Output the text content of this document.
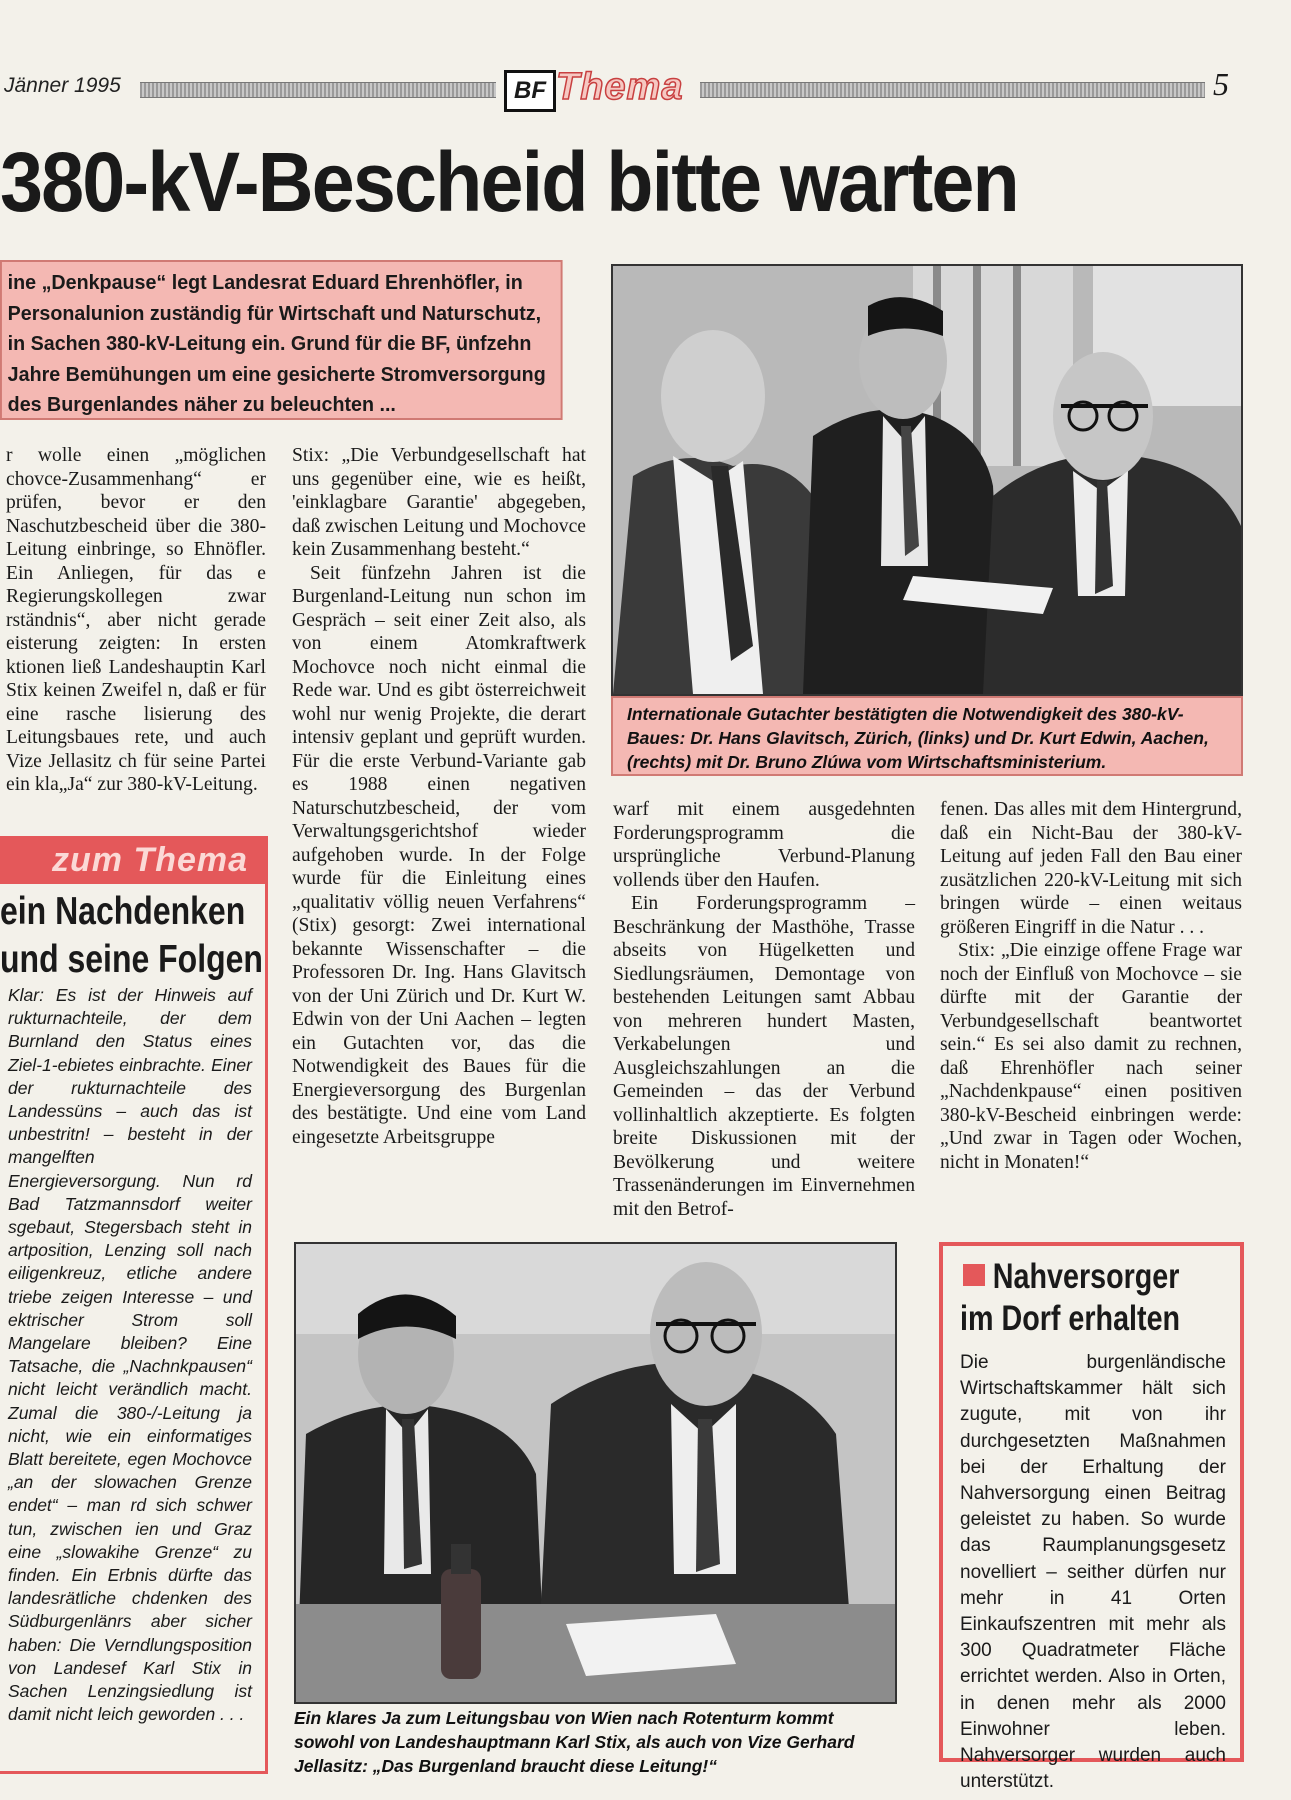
Jänner 1995	BF Thema	5
380-kV-Bescheid bitte warten
ine „Denkpause“ legt Landesrat Eduard Ehrenhöfler, in Personalunion zuständig für Wirtschaft und Naturschutz, in Sachen 380-kV-Leitung ein. Grund für die BF, ünfzehn Jahre Bemühungen um eine gesicherte Stromversorgung des Burgenlandes näher zu beleuchten ...
Internationale Gutachter bestätigten die Notwendigkeit des 380-kV-Baues: Dr. Hans Glavitsch, Zürich, (links) und Dr. Kurt Edwin, Aachen, (rechts) mit Dr. Bruno Zlúwa vom Wirtschaftsministerium.

r wolle einen „möglichen chovce-Zusammenhang“ er prüfen, bevor er den Naschutzbescheid über die 380-Leitung einbringe, so Ehnöfler. Ein Anliegen, für das e Regierungskollegen zwar rständnis“, aber nicht gerade eisterung zeigten: In ersten ktionen ließ Landeshauptin Karl Stix keinen Zweifel n, daß er für eine rasche lisierung des Leitungsbaues rete, und auch Vize Jellasitz ch für seine Partei ein kla„Ja“ zur 380-kV-Leitung.

Stix: „Die Verbundgesellschaft hat uns gegenüber eine, wie es heißt, 'einklagbare Garantie' abgegeben, daß zwischen Leitung und Mochovce kein Zusammenhang besteht.“

Seit fünfzehn Jahren ist die Burgenland-Leitung nun schon im Gespräch – seit einer Zeit also, als von einem Atomkraftwerk Mochovce noch nicht einmal die Rede war. Und es gibt österreichweit wohl nur wenig Projekte, die derart intensiv geplant und geprüft wurden. Für die erste Verbund-Variante gab es 1988 einen negativen Naturschutzbescheid, der vom Verwaltungsgerichtshof wieder aufgehoben wurde. In der Folge wurde für die Einleitung eines „qualitativ völlig neuen Verfahrens“ (Stix) gesorgt: Zwei international bekannte Wissenschafter – die Professoren Dr. Ing. Hans Glavitsch von der Uni Zürich und Dr. Kurt W. Edwin von der Uni Aachen – legten ein Gutachten vor, das die Notwendigkeit des Baues für die Energieversorgung des Burgenlan des bestätigte. Und eine vom Land eingesetzte Arbeitsgruppe

warf mit einem ausgedehnten Forderungsprogramm die ursprüngliche Verbund-Planung vollends über den Haufen.

Ein Forderungsprogramm – Beschränkung der Masthöhe, Trasse abseits von Hügelketten und Siedlungsräumen, Demontage von bestehenden Leitungen samt Abbau von mehreren hundert Masten, Verkabelungen und Ausgleichszahlungen an die Gemeinden – das der Verbund vollinhaltlich akzeptierte. Es folgten breite Diskussionen mit der Bevölkerung und weitere Trassenänderungen im Einvernehmen mit den Betrof-

fenen. Das alles mit dem Hintergrund, daß ein Nicht-Bau der 380-kV-Leitung auf jeden Fall den Bau einer zusätzlichen 220-kV-Leitung mit sich bringen würde – einen weitaus größeren Eingriff in die Natur . . .

Stix: „Die einzige offene Frage war noch der Einfluß von Mochovce – sie dürfte mit der Garantie der Verbundgesellschaft beantwortet sein.“ Es sei also damit zu rechnen, daß Ehrenhöfler nach seiner „Nachdenkpause“ einen positiven 380-kV-Bescheid einbringen werde: „Und zwar in Tagen oder Wochen, nicht in Monaten!“

zum Thema
ein Nachdenken
und seine Folgen
Klar: Es ist der Hinweis auf rukturnachteile, der dem Burnland den Status eines Ziel-1-ebietes einbrachte. Einer der rukturnachteile des Landessüns – auch das ist unbestritn! – besteht in der mangelften Energieversorgung. Nun rd Bad Tatzmannsdorf weiter sgebaut, Stegersbach steht in artposition, Lenzing soll nach eiligenkreuz, etliche andere triebe zeigen Interesse – und ektrischer Strom soll Mangelare bleiben? Eine Tatsache, die „Nachnkpausen“ nicht leicht verändlich macht. Zumal die 380-/-Leitung ja nicht, wie ein einformatiges Blatt bereitete, egen Mochovce „an der slowachen Grenze endet“ – man rd sich schwer tun, zwischen ien und Graz eine „slowakihe Grenze“ zu finden. Ein Erbnis dürfte das landesrätliche chdenken des Südburgenlänrs aber sicher haben: Die Verndlungsposition von Landesef Karl Stix in Sachen Lenzingsiedlung ist damit nicht leich geworden . . .	Ein klares Ja zum Leitungsbau von Wien nach Rotenturm kommt sowohl von Landeshauptmann Karl Stix, als auch von Vize Gerhard Jellasitz: „Das Burgenland braucht diese Leitung!“
Nahversorger
im Dorf erhalten
Die burgenländische Wirtschaftskammer hält sich zugute, mit von ihr durchgesetzten Maßnahmen bei der Erhaltung der Nahversorgung einen Beitrag geleistet zu haben. So wurde das Raumplanungsgesetz novelliert – seither dürfen nur mehr in 41 Orten Einkaufszentren mit mehr als 300 Quadratmeter Fläche errichtet werden. Also in Orten, in denen mehr als 2000 Einwohner leben. Nahversorger wurden auch unterstützt.
